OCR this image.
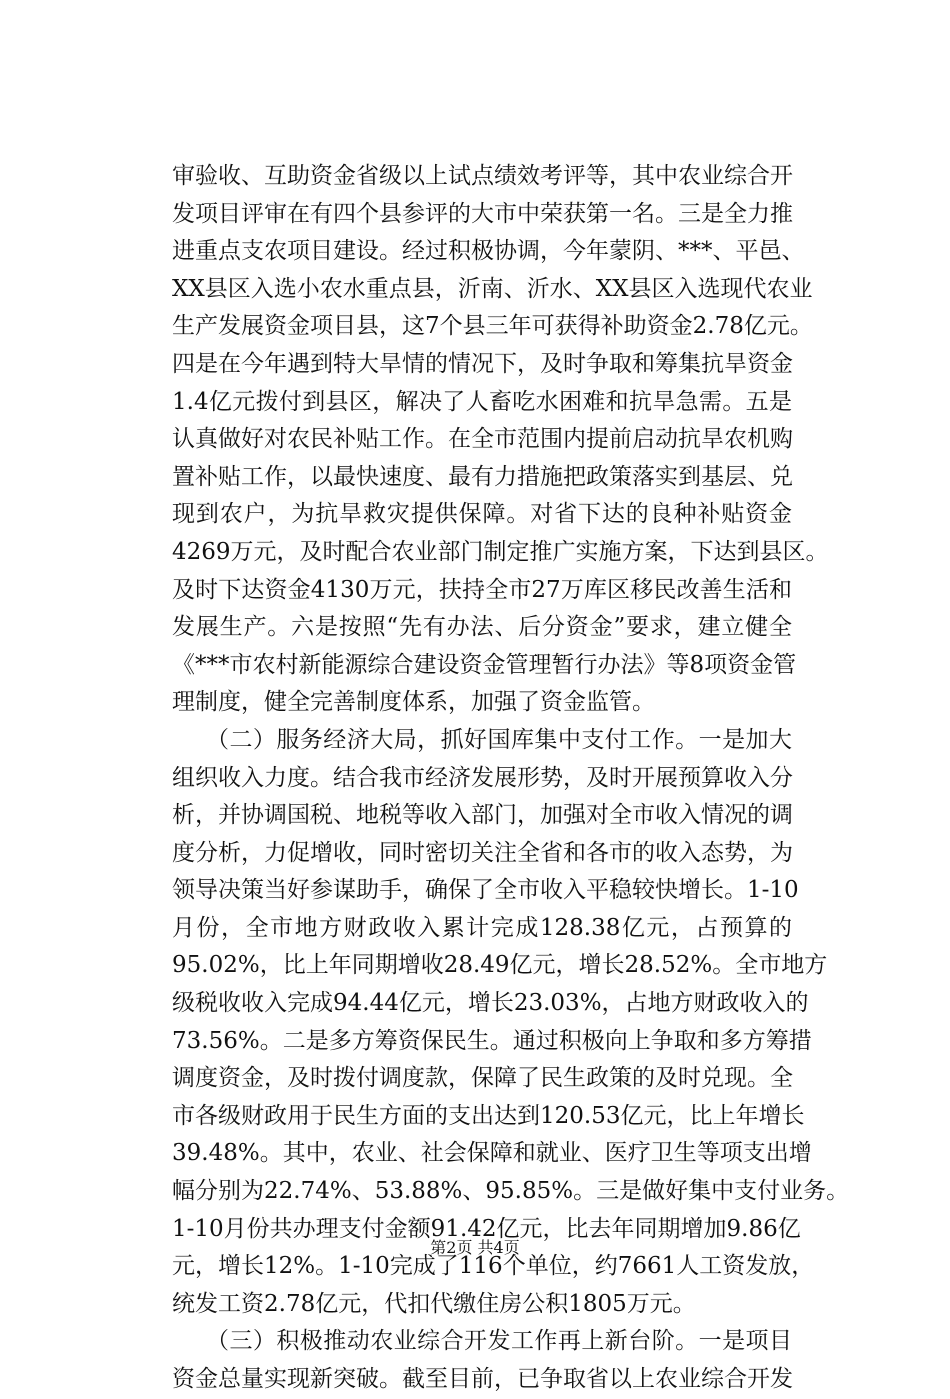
审验收、互助资金省级以上试点绩效考评等，其中农业综合开
发项目评审在有四个县参评的大市中荣获第一名。三是全力推
进重点支农项目建设。经过积极协调，今年蒙阴、***、平邑、
XX县区入选小农水重点县，沂南、沂水、XX县区入选现代农业
生产发展资金项目县，这7个县三年可获得补助资金2.78亿元。
四是在今年遇到特大旱情的情况下，及时争取和筹集抗旱资金
1.4亿元拨付到县区，解决了人畜吃水困难和抗旱急需。五是
认真做好对农民补贴工作。在全市范围内提前启动抗旱农机购
置补贴工作，以最快速度、最有力措施把政策落实到基层、兑
现到农户，为抗旱救灾提供保障。对省下达的良种补贴资金
4269万元，及时配合农业部门制定推广实施方案，下达到县区。
及时下达资金4130万元，扶持全市27万库区移民改善生活和
发展生产。六是按照“先有办法、后分资金”要求，建立健全
《***市农村新能源综合建设资金管理暂行办法》等8项资金管
理制度，健全完善制度体系，加强了资金监管。
（二）服务经济大局，抓好国库集中支付工作。一是加大
组织收入力度。结合我市经济发展形势，及时开展预算收入分
析，并协调国税、地税等收入部门，加强对全市收入情况的调
度分析，力促增收，同时密切关注全省和各市的收入态势，为
领导决策当好参谋助手，确保了全市收入平稳较快增长。1-10
月份，全市地方财政收入累计完成128.38亿元，占预算的
95.02%，比上年同期增收28.49亿元，增长28.52%。全市地方
级税收收入完成94.44亿元，增长23.03%，占地方财政收入的
73.56%。二是多方筹资保民生。通过积极向上争取和多方筹措
调度资金，及时拨付调度款，保障了民生政策的及时兑现。全
市各级财政用于民生方面的支出达到120.53亿元，比上年增长
39.48%。其中，农业、社会保障和就业、医疗卫生等项支出增
幅分别为22.74%、53.88%、95.85%。三是做好集中支付业务。
1-10月份共办理支付金额91.42亿元，比去年同期增加9.86亿
元，增长12%。1-10完成了116个单位，约7661人工资发放，
统发工资2.78亿元，代扣代缴住房公积1805万元。
（三）积极推动农业综合开发工作再上新台阶。一是项目
资金总量实现新突破。截至目前，已争取省以上农业综合开发
第2页 共4页
